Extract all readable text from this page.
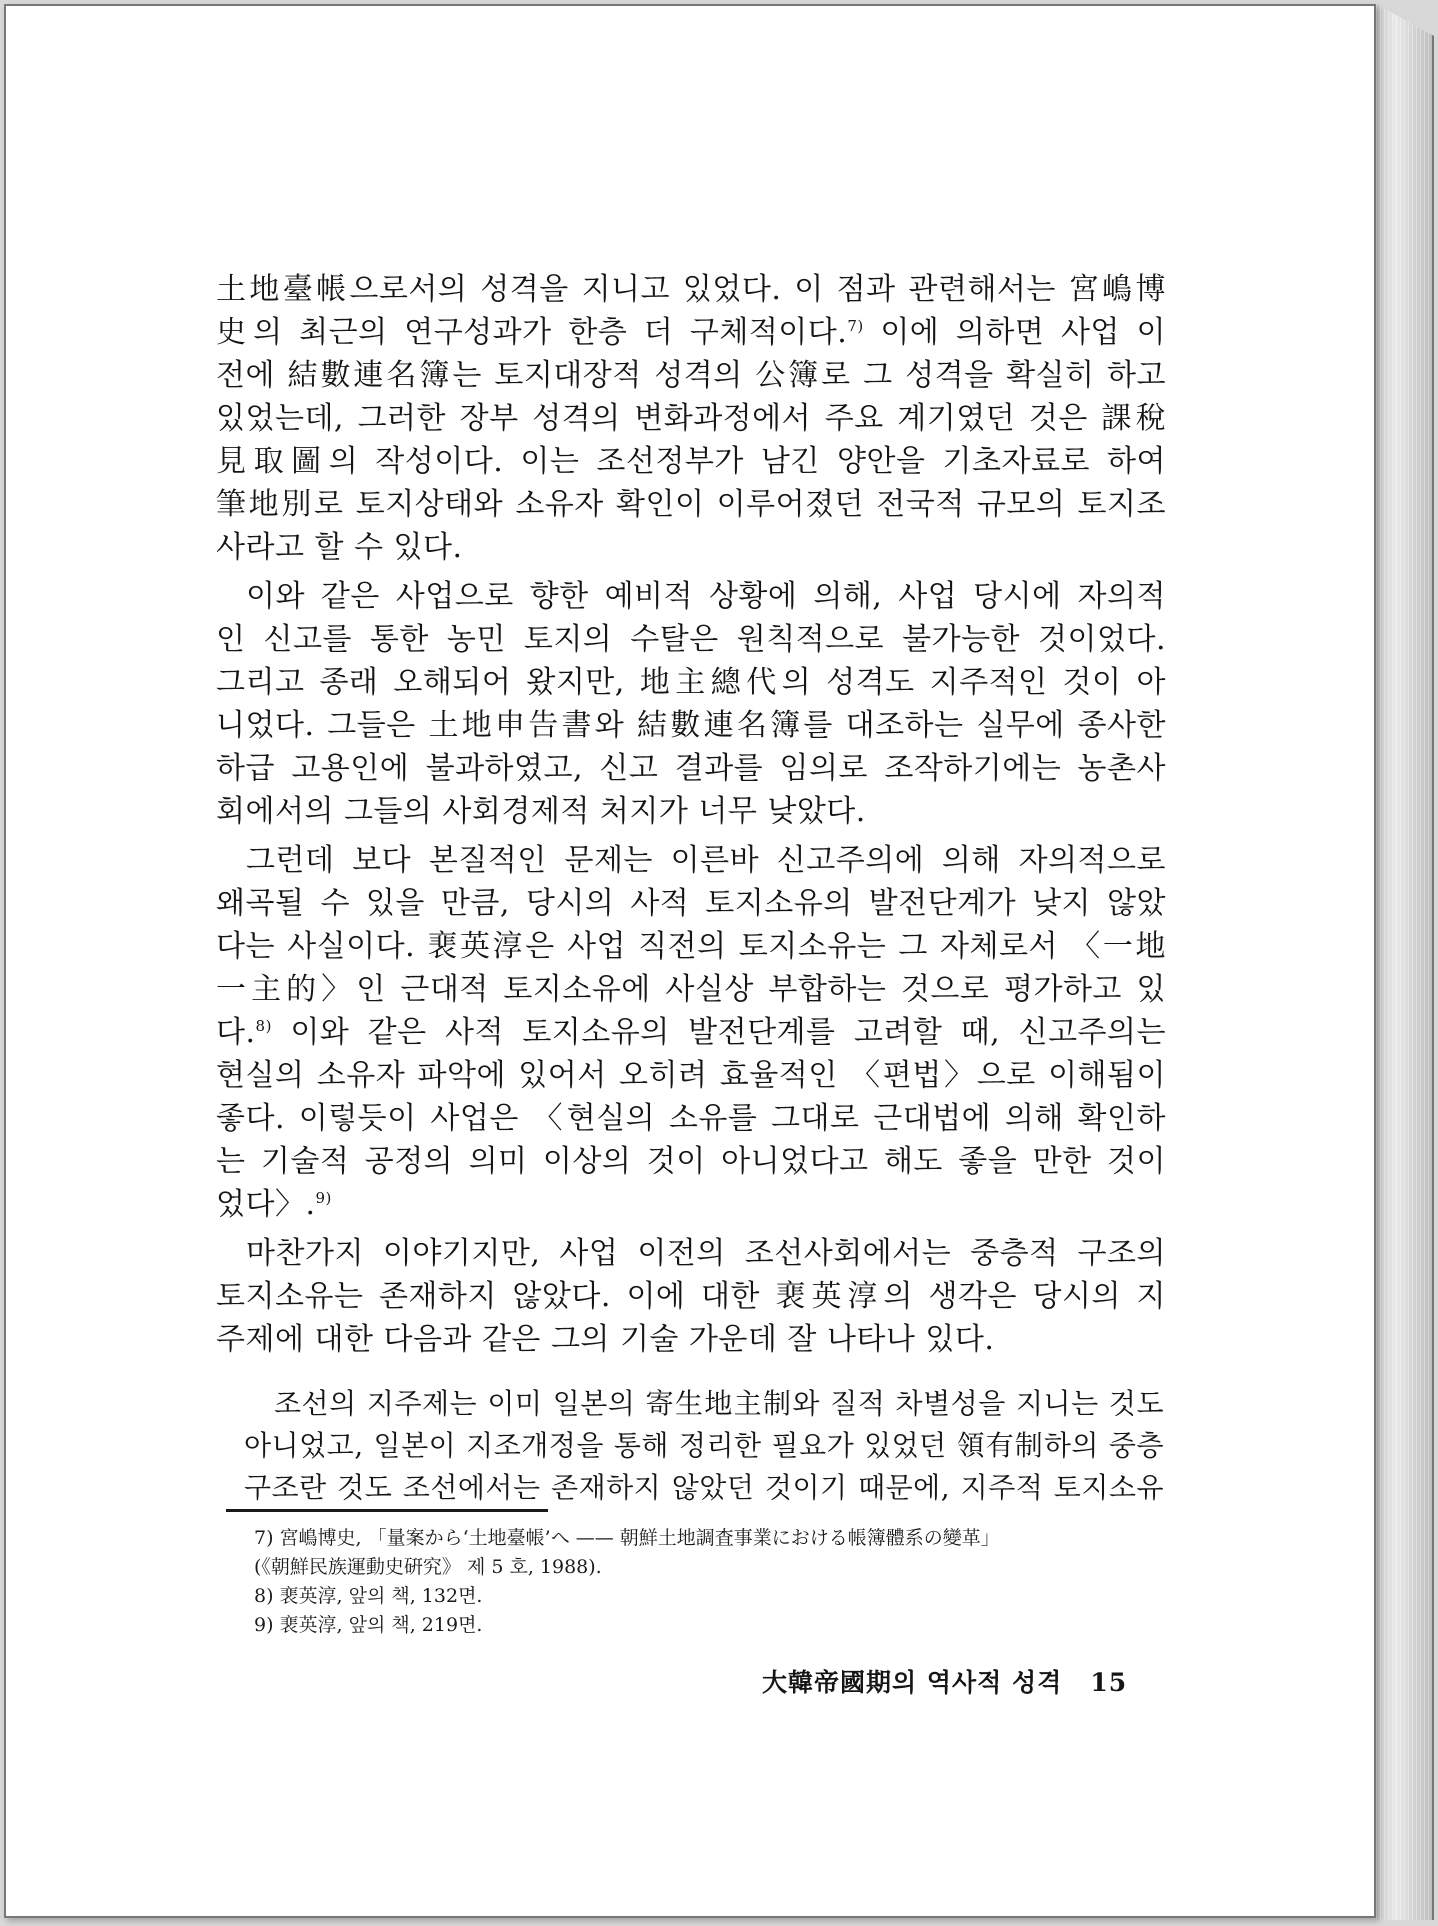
土地臺帳으로서의 성격을 지니고 있었다. 이 점과 관련해서는 宮嶋博

史의 최근의 연구성과가 한층 더 구체적이다.$^{7)}$ 이에 의하면 사업 이

전에 結數連名簿는 토지대장적 성격의 公簿로 그 성격을 확실히 하고

있었는데, 그러한 장부 성격의 변화과정에서 주요 계기였던 것은 課稅

見取圖의 작성이다. 이는 조선정부가 남긴 양안을 기초자료로 하여

筆地別로 토지상태와 소유자 확인이 이루어졌던 전국적 규모의 토지조

사라고 할 수 있다.

이와 같은 사업으로 향한 예비적 상황에 의해, 사업 당시에 자의적

인 신고를 통한 농민 토지의 수탈은 원칙적으로 불가능한 것이었다.

그리고 종래 오해되어 왔지만, 地主總代의 성격도 지주적인 것이 아

니었다. 그들은 土地申告書와 結數連名簿를 대조하는 실무에 종사한

하급 고용인에 불과하였고, 신고 결과를 임의로 조작하기에는 농촌사

회에서의 그들의 사회경제적 처지가 너무 낮았다.

그런데 보다 본질적인 문제는 이른바 신고주의에 의해 자의적으로

왜곡될 수 있을 만큼, 당시의 사적 토지소유의 발전단계가 낮지 않았

다는 사실이다. 裵英淳은 사업 직전의 토지소유는 그 자체로서 〈一地

一主的〉인 근대적 토지소유에 사실상 부합하는 것으로 평가하고 있

다.$^{8)}$ 이와 같은 사적 토지소유의 발전단계를 고려할 때, 신고주의는

현실의 소유자 파악에 있어서 오히려 효율적인 〈편법〉으로 이해됨이

좋다. 이렇듯이 사업은 〈현실의 소유를 그대로 근대법에 의해 확인하

는 기술적 공정의 의미 이상의 것이 아니었다고 해도 좋을 만한 것이

었다〉.$^{9)}$

마찬가지 이야기지만, 사업 이전의 조선사회에서는 중층적 구조의

토지소유는 존재하지 않았다. 이에 대한 裵英淳의 생각은 당시의 지

주제에 대한 다음과 같은 그의 기술 가운데 잘 나타나 있다.

조선의 지주제는 이미 일본의 寄生地主制와 질적 차별성을 지니는 것도

아니었고, 일본이 지조개정을 통해 정리한 필요가 있었던 領有制하의 중층

구조란 것도 조선에서는 존재하지 않았던 것이기 때문에, 지주적 토지소유

7) 宮嶋博史, 「量案から‘土地臺帳’へ —— 朝鮮土地調査事業における帳簿體系の變革」
(《朝鮮民族運動史硏究》 제 5 호, 1988).
8) 裵英淳, 앞의 책, 132면.
9) 裵英淳, 앞의 책, 219면.
大韓帝國期의 역사적 성격 15
